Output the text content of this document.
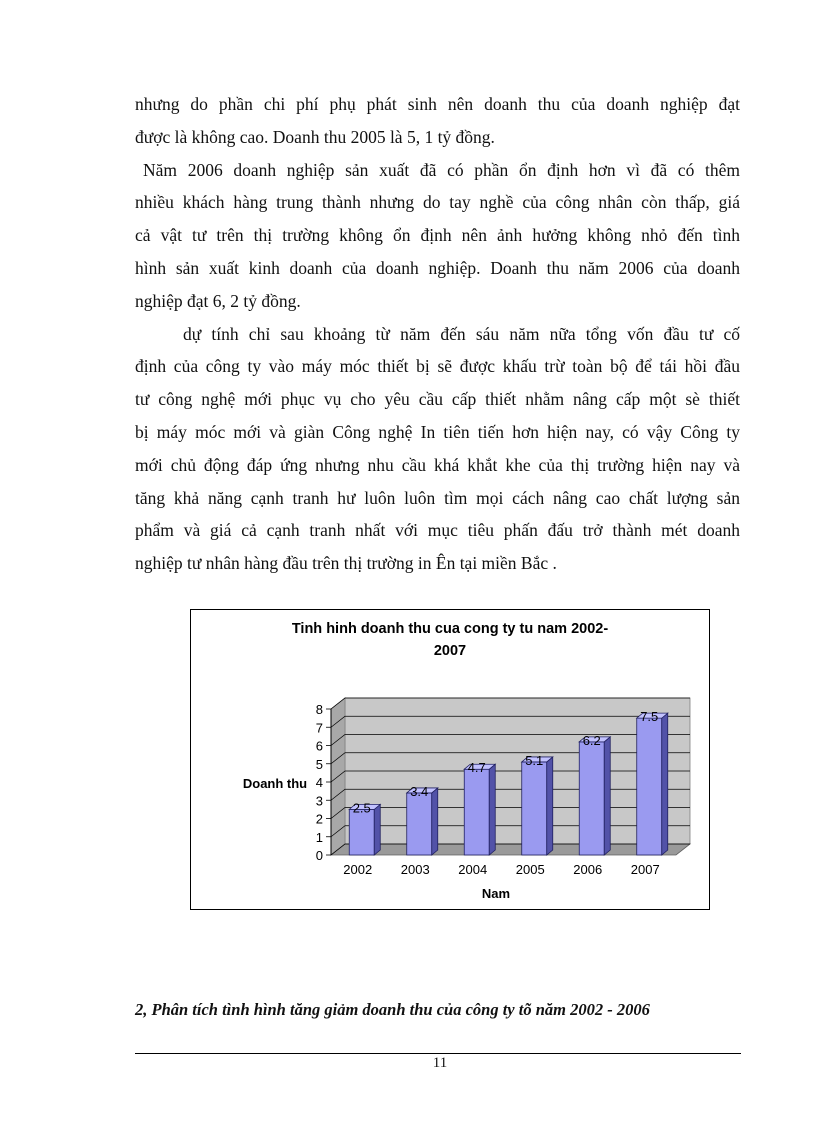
nhưng do phần chi phí phụ phát sinh nên doanh thu của doanh nghiệp đạt
được là không cao. Doanh thu 2005 là 5, 1 tỷ đồng.
Năm 2006 doanh nghiệp sản xuất đã có phần ổn định hơn vì đã có thêm
nhiều khách hàng trung thành nhưng do tay nghề của công nhân còn thấp, giá
cả vật tư trên thị trường không ổn định nên ảnh hưởng không nhỏ đến tình
hình sản xuất kinh doanh của doanh nghiệp. Doanh thu năm 2006 của doanh
nghiệp đạt 6, 2 tỷ đồng.
dự tính chỉ sau khoảng từ năm đến sáu năm nữa tổng vốn đầu tư cố
định của công ty vào máy móc thiết bị sẽ được khấu trừ toàn bộ để tái hồi đầu
tư công nghệ mới phục vụ cho yêu cầu cấp thiết nhằm nâng cấp một sè thiết
bị máy móc mới và giàn Công nghệ In tiên tiến hơn hiện nay, có vậy Công ty
mới chủ động đáp ứng nhưng nhu cầu khá khắt khe của thị trường hiện nay và
tăng khả năng cạnh tranh hư luôn luôn tìm mọi cách nâng cao chất lượng sản
phẩm và giá cả cạnh tranh nhất với mục tiêu phấn đấu trở thành mét doanh
nghiệp tư nhân hàng đầu trên thị trường in Ên tại miền Bắc .
Tinh hinh doanh thu cua cong ty tu nam 2002-
2007
0
1
2
3
4
5
6
7
8
2.5
2002
3.4
2003
4.7
2004
5.1
2005
6.2
2006
7.5
2007
Doanh thu
Nam
2, Phân tích tình hình tăng giảm doanh thu của công ty tõ năm 2002 - 2006
11
